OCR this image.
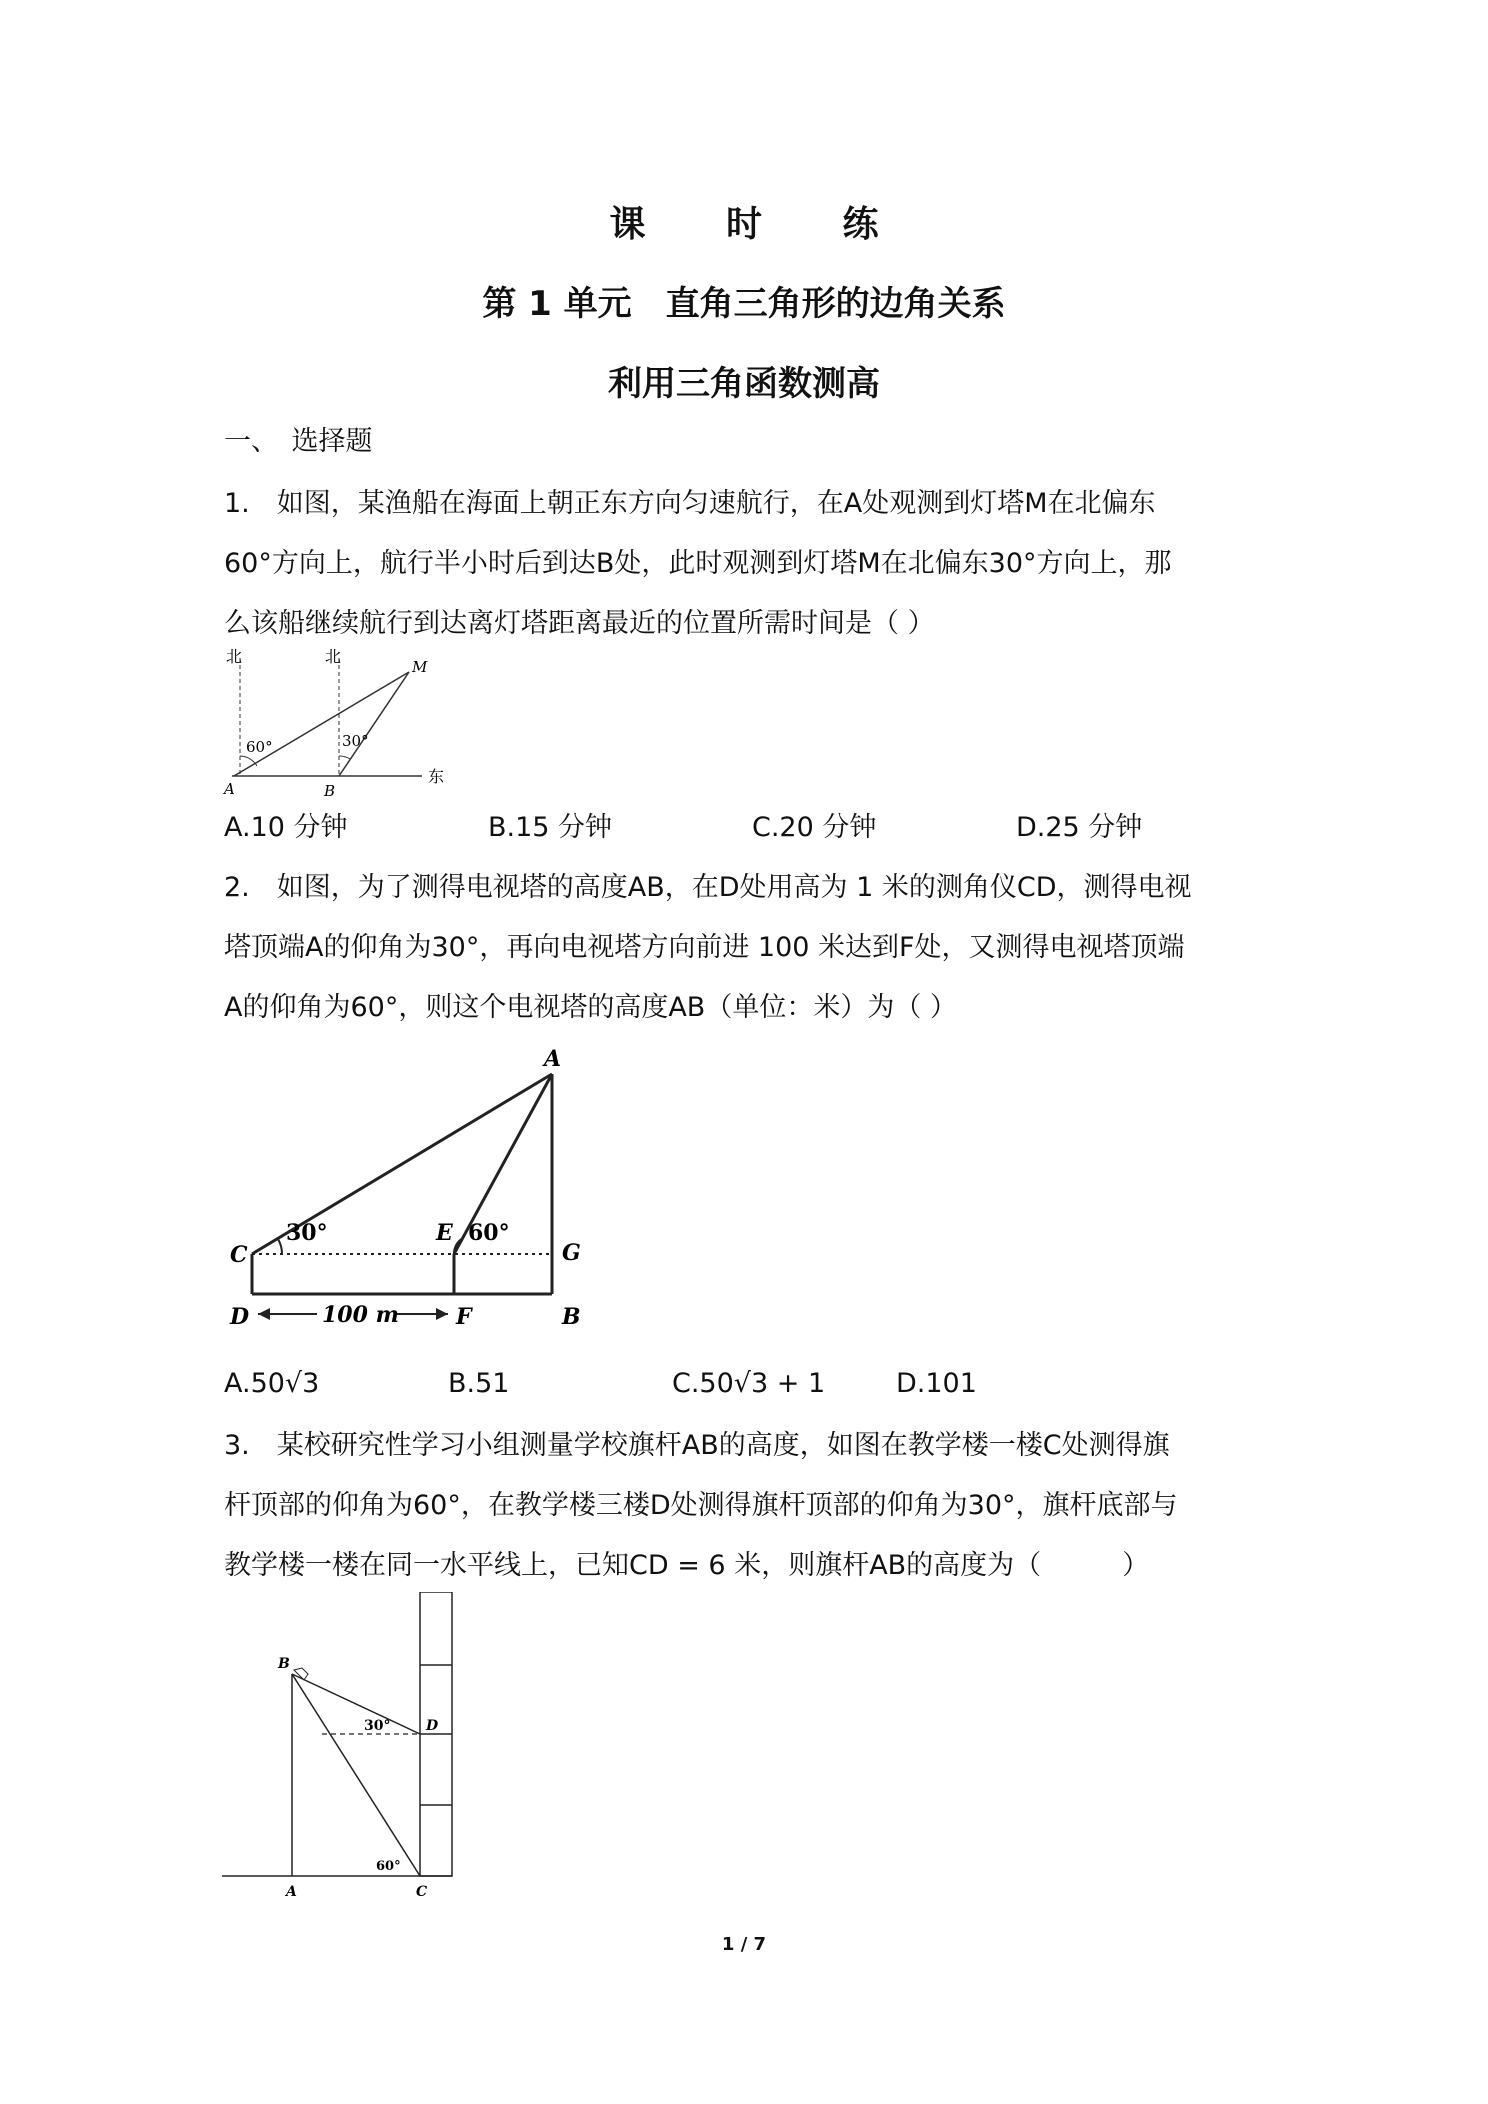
课 时 练
第 1 单元　直角三角形的边角关系
利用三角函数测高
一、　选择题
1.　如图，某渔船在海面上朝正东方向匀速航行，在A处观测到灯塔M在北偏东
60°方向上，航行半小时后到达B处，此时观测到灯塔M在北偏东30°方向上，那
么该船继续航行到达离灯塔距离最近的位置所需时间是（ ）
北	北
60°	30°
M
A	B
东
A.10 分钟	B.15 分钟	C.20 分钟	D.25 分钟
2.　如图，为了测得电视塔的高度AB，在D处用高为 1 米的测角仪CD，测得电视
塔顶端A的仰角为30°，再向电视塔方向前进 100 米达到F处，又测得电视塔顶端
A的仰角为60°，则这个电视塔的高度AB（单位：米）为（ ）
100 m
A
C
30°	E 60°
G
D	F	B
A.50√3	B.51	C.50√3 + 1	D.101
3.　某校研究性学习小组测量学校旗杆AB的高度，如图在教学楼一楼C处测得旗
杆顶部的仰角为60°，在教学楼三楼D处测得旗杆顶部的仰角为30°，旗杆底部与
教学楼一楼在同一水平线上，已知CD = 6 米，则旗杆AB的高度为（　　　）
B
30°	D
60°
A	C
1 / 7
